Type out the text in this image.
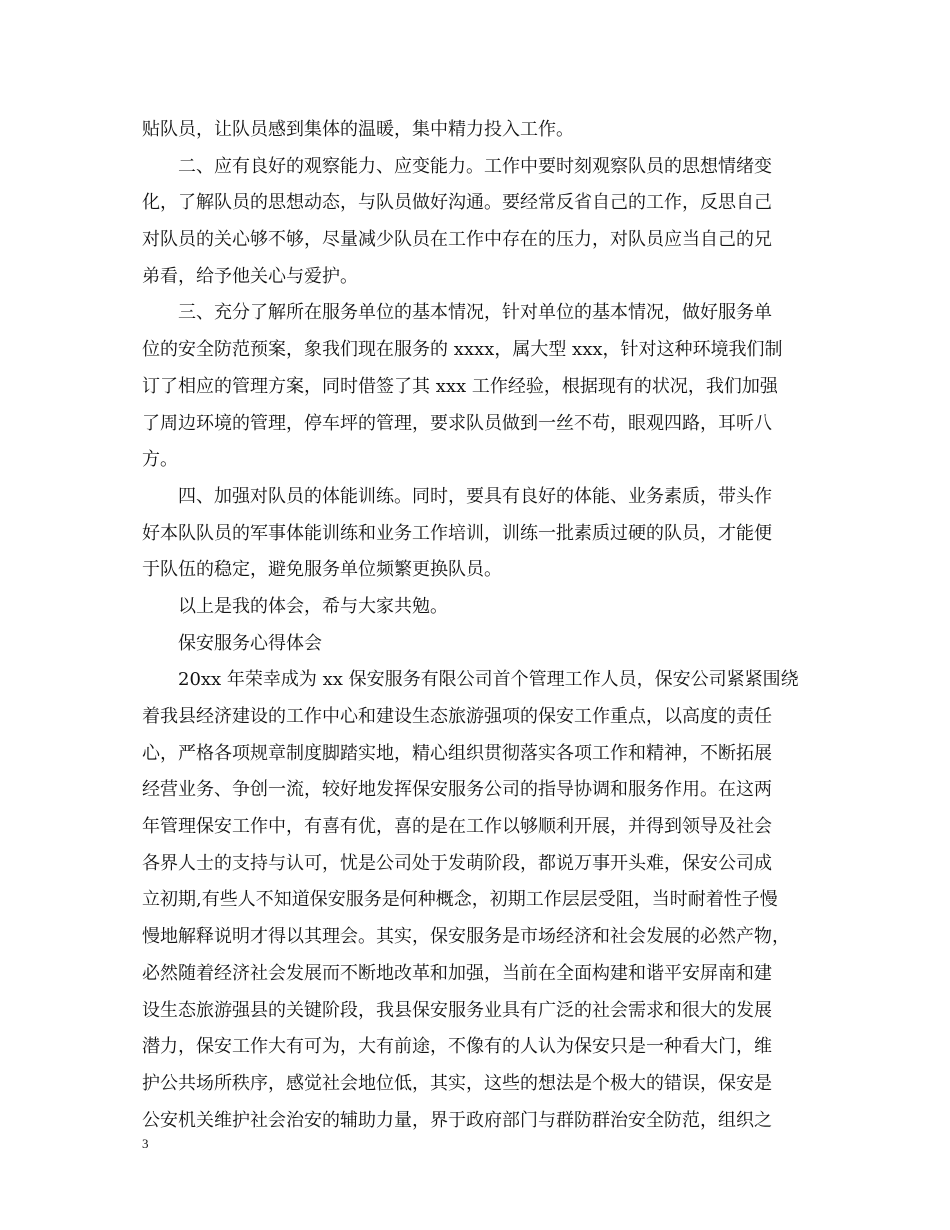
贴队员，让队员感到集体的温暖，集中精力投入工作。
二、应有良好的观察能力、应变能力。工作中要时刻观察队员的思想情绪变
化，了解队员的思想动态，与队员做好沟通。要经常反省自己的工作，反思自己
对队员的关心够不够，尽量减少队员在工作中存在的压力，对队员应当自己的兄
弟看，给予他关心与爱护。
三、充分了解所在服务单位的基本情况，针对单位的基本情况，做好服务单
位的安全防范预案，象我们现在服务的 xxxx，属大型 xxx，针对这种环境我们制
订了相应的管理方案，同时借签了其 xxx 工作经验，根据现有的状况，我们加强
了周边环境的管理，停车坪的管理，要求队员做到一丝不苟，眼观四路，耳听八
方。
四、加强对队员的体能训练。同时，要具有良好的体能、业务素质，带头作
好本队队员的军事体能训练和业务工作培训，训练一批素质过硬的队员，才能便
于队伍的稳定，避免服务单位频繁更换队员。
以上是我的体会，希与大家共勉。
保安服务心得体会
20xx 年荣幸成为 xx 保安服务有限公司首个管理工作人员，保安公司紧紧围绕
着我县经济建设的工作中心和建设生态旅游强项的保安工作重点，以高度的责任
心，严格各项规章制度脚踏实地，精心组织贯彻落实各项工作和精神，不断拓展
经营业务、争创一流，较好地发挥保安服务公司的指导协调和服务作用。在这两
年管理保安工作中，有喜有优，喜的是在工作以够顺利开展，并得到领导及社会
各界人士的支持与认可，忧是公司处于发萌阶段，都说万事开头难，保安公司成
立初期,有些人不知道保安服务是何种概念，初期工作层层受阻，当时耐着性子慢
慢地解释说明才得以其理会。其实，保安服务是市场经济和社会发展的必然产物，
必然随着经济社会发展而不断地改革和加强，当前在全面构建和谐平安屏南和建
设生态旅游强县的关键阶段，我县保安服务业具有广泛的社会需求和很大的发展
潜力，保安工作大有可为，大有前途，不像有的人认为保安只是一种看大门，维
护公共场所秩序，感觉社会地位低，其实，这些的想法是个极大的错误，保安是
公安机关维护社会治安的辅助力量，界于政府部门与群防群治安全防范，组织之
3
